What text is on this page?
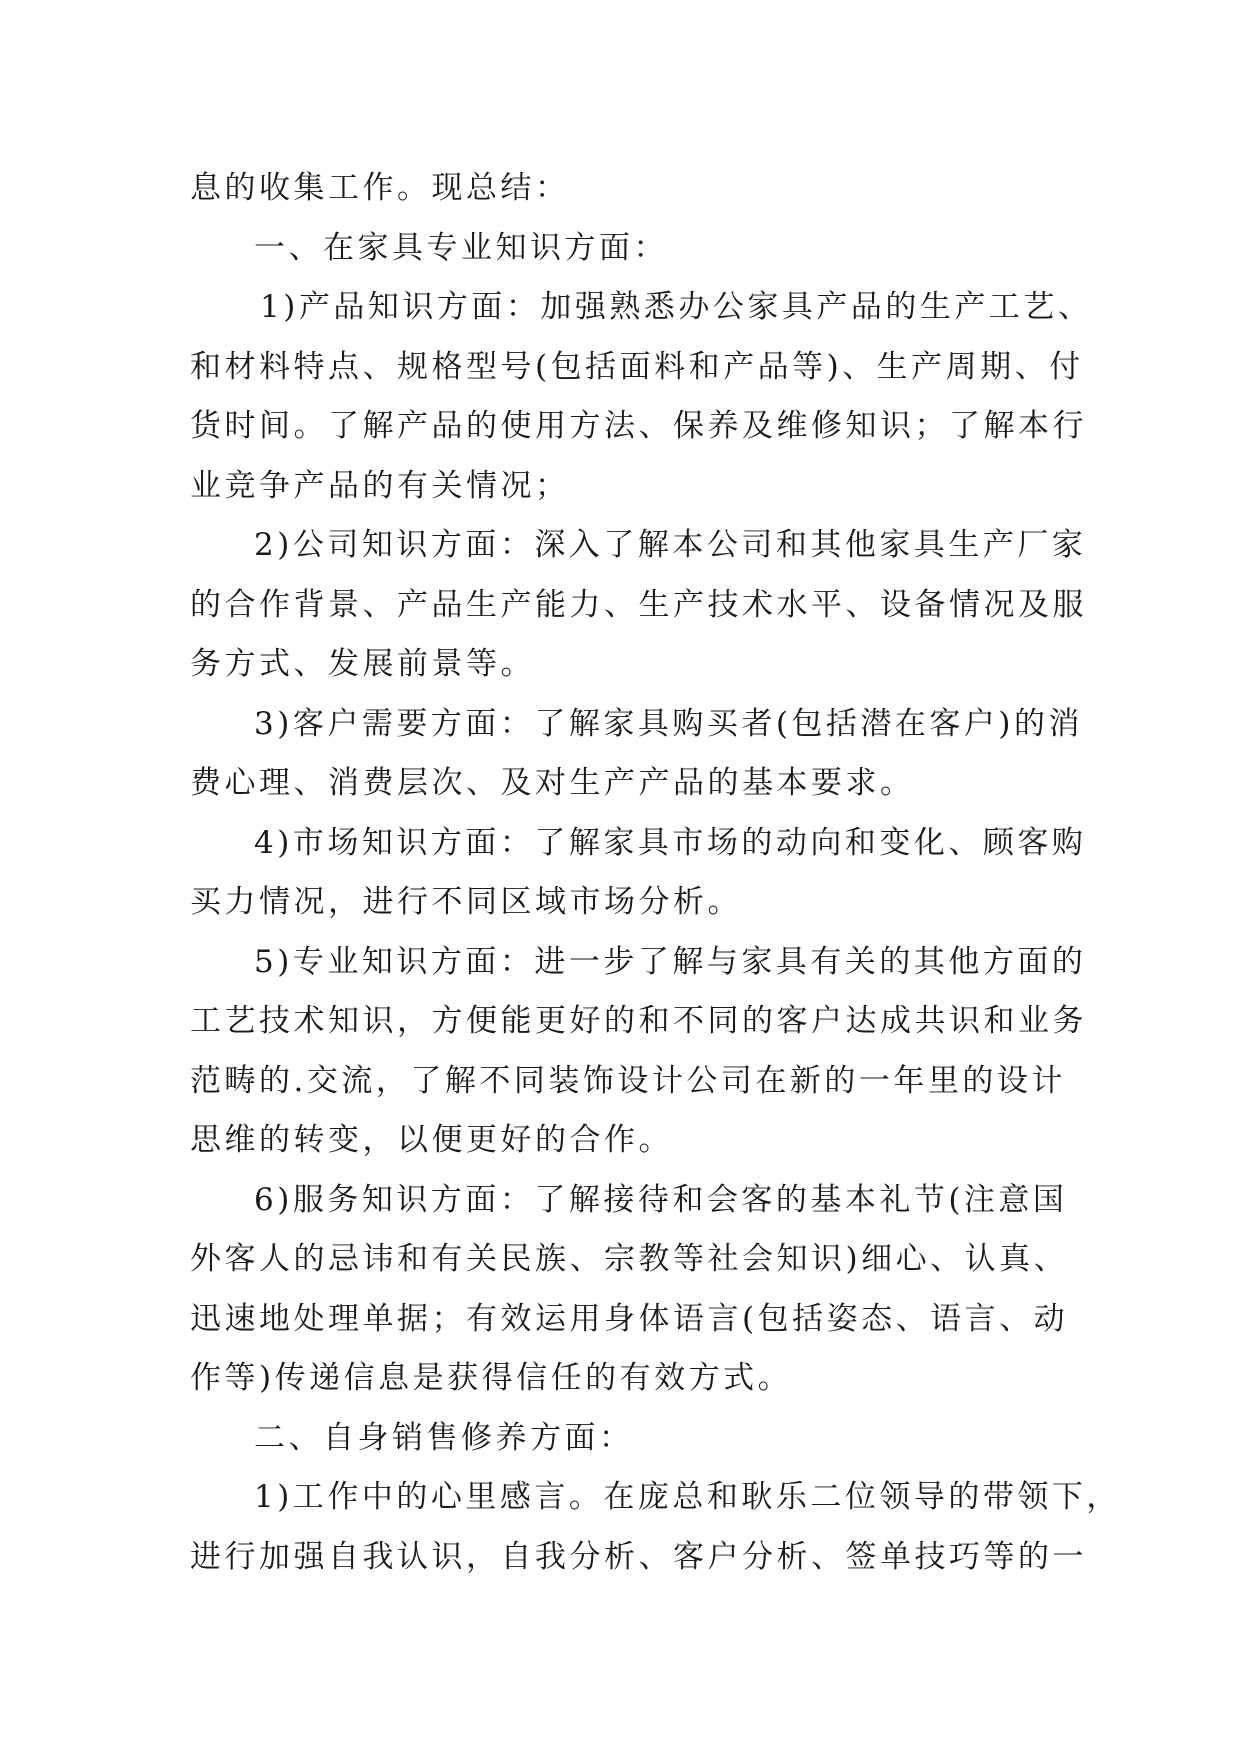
息的收集工作。现总结：
一、在家具专业知识方面：
1)产品知识方面：加强熟悉办公家具产品的生产工艺、
和材料特点、规格型号(包括面料和产品等)、生产周期、付
货时间。了解产品的使用方法、保养及维修知识；了解本行
业竞争产品的有关情况；
2)公司知识方面：深入了解本公司和其他家具生产厂家
的合作背景、产品生产能力、生产技术水平、设备情况及服
务方式、发展前景等。
3)客户需要方面：了解家具购买者(包括潜在客户)的消
费心理、消费层次、及对生产产品的基本要求。
4)市场知识方面：了解家具市场的动向和变化、顾客购
买力情况，进行不同区域市场分析。
5)专业知识方面：进一步了解与家具有关的其他方面的
工艺技术知识，方便能更好的和不同的客户达成共识和业务
范畴的.交流，了解不同装饰设计公司在新的一年里的设计
思维的转变，以便更好的合作。
6)服务知识方面：了解接待和会客的基本礼节(注意国
外客人的忌讳和有关民族、宗教等社会知识)细心、认真、
迅速地处理单据；有效运用身体语言(包括姿态、语言、动
作等)传递信息是获得信任的有效方式。
二、自身销售修养方面：
1)工作中的心里感言。在庞总和耿乐二位领导的带领下，
进行加强自我认识，自我分析、客户分析、签单技巧等的一
